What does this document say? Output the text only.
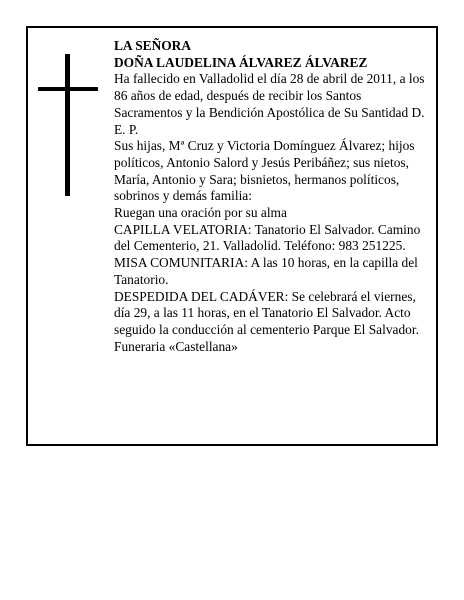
LA SEÑORA

DOÑA LAUDELINA ÁLVAREZ ÁLVAREZ

Ha fallecido en Valladolid el día 28 de abril de 2011, a los 86 años de edad, después de recibir los Santos Sacramentos y la Bendición Apostólica de Su Santidad D. E. P.

Sus hijas, Mª Cruz y Victoria Domínguez Álvarez; hijos políticos, Antonio Salord y Jesús Peribáñez; sus nietos, María, Antonio y Sara; bisnietos, hermanos políticos, sobrinos y demás familia:

Ruegan una oración por su alma

CAPILLA VELATORIA: Tanatorio El Salvador. Camino del Cementerio, 21. Valladolid. Teléfono: 983 251225.

MISA COMUNITARIA: A las 10 horas, en la capilla del Tanatorio.

DESPEDIDA DEL CADÁVER: Se celebrará el viernes, día 29, a las 11 horas, en el Tanatorio El Salvador. Acto seguido la conducción al cementerio Parque El Salvador.

Funeraria «Castellana»
